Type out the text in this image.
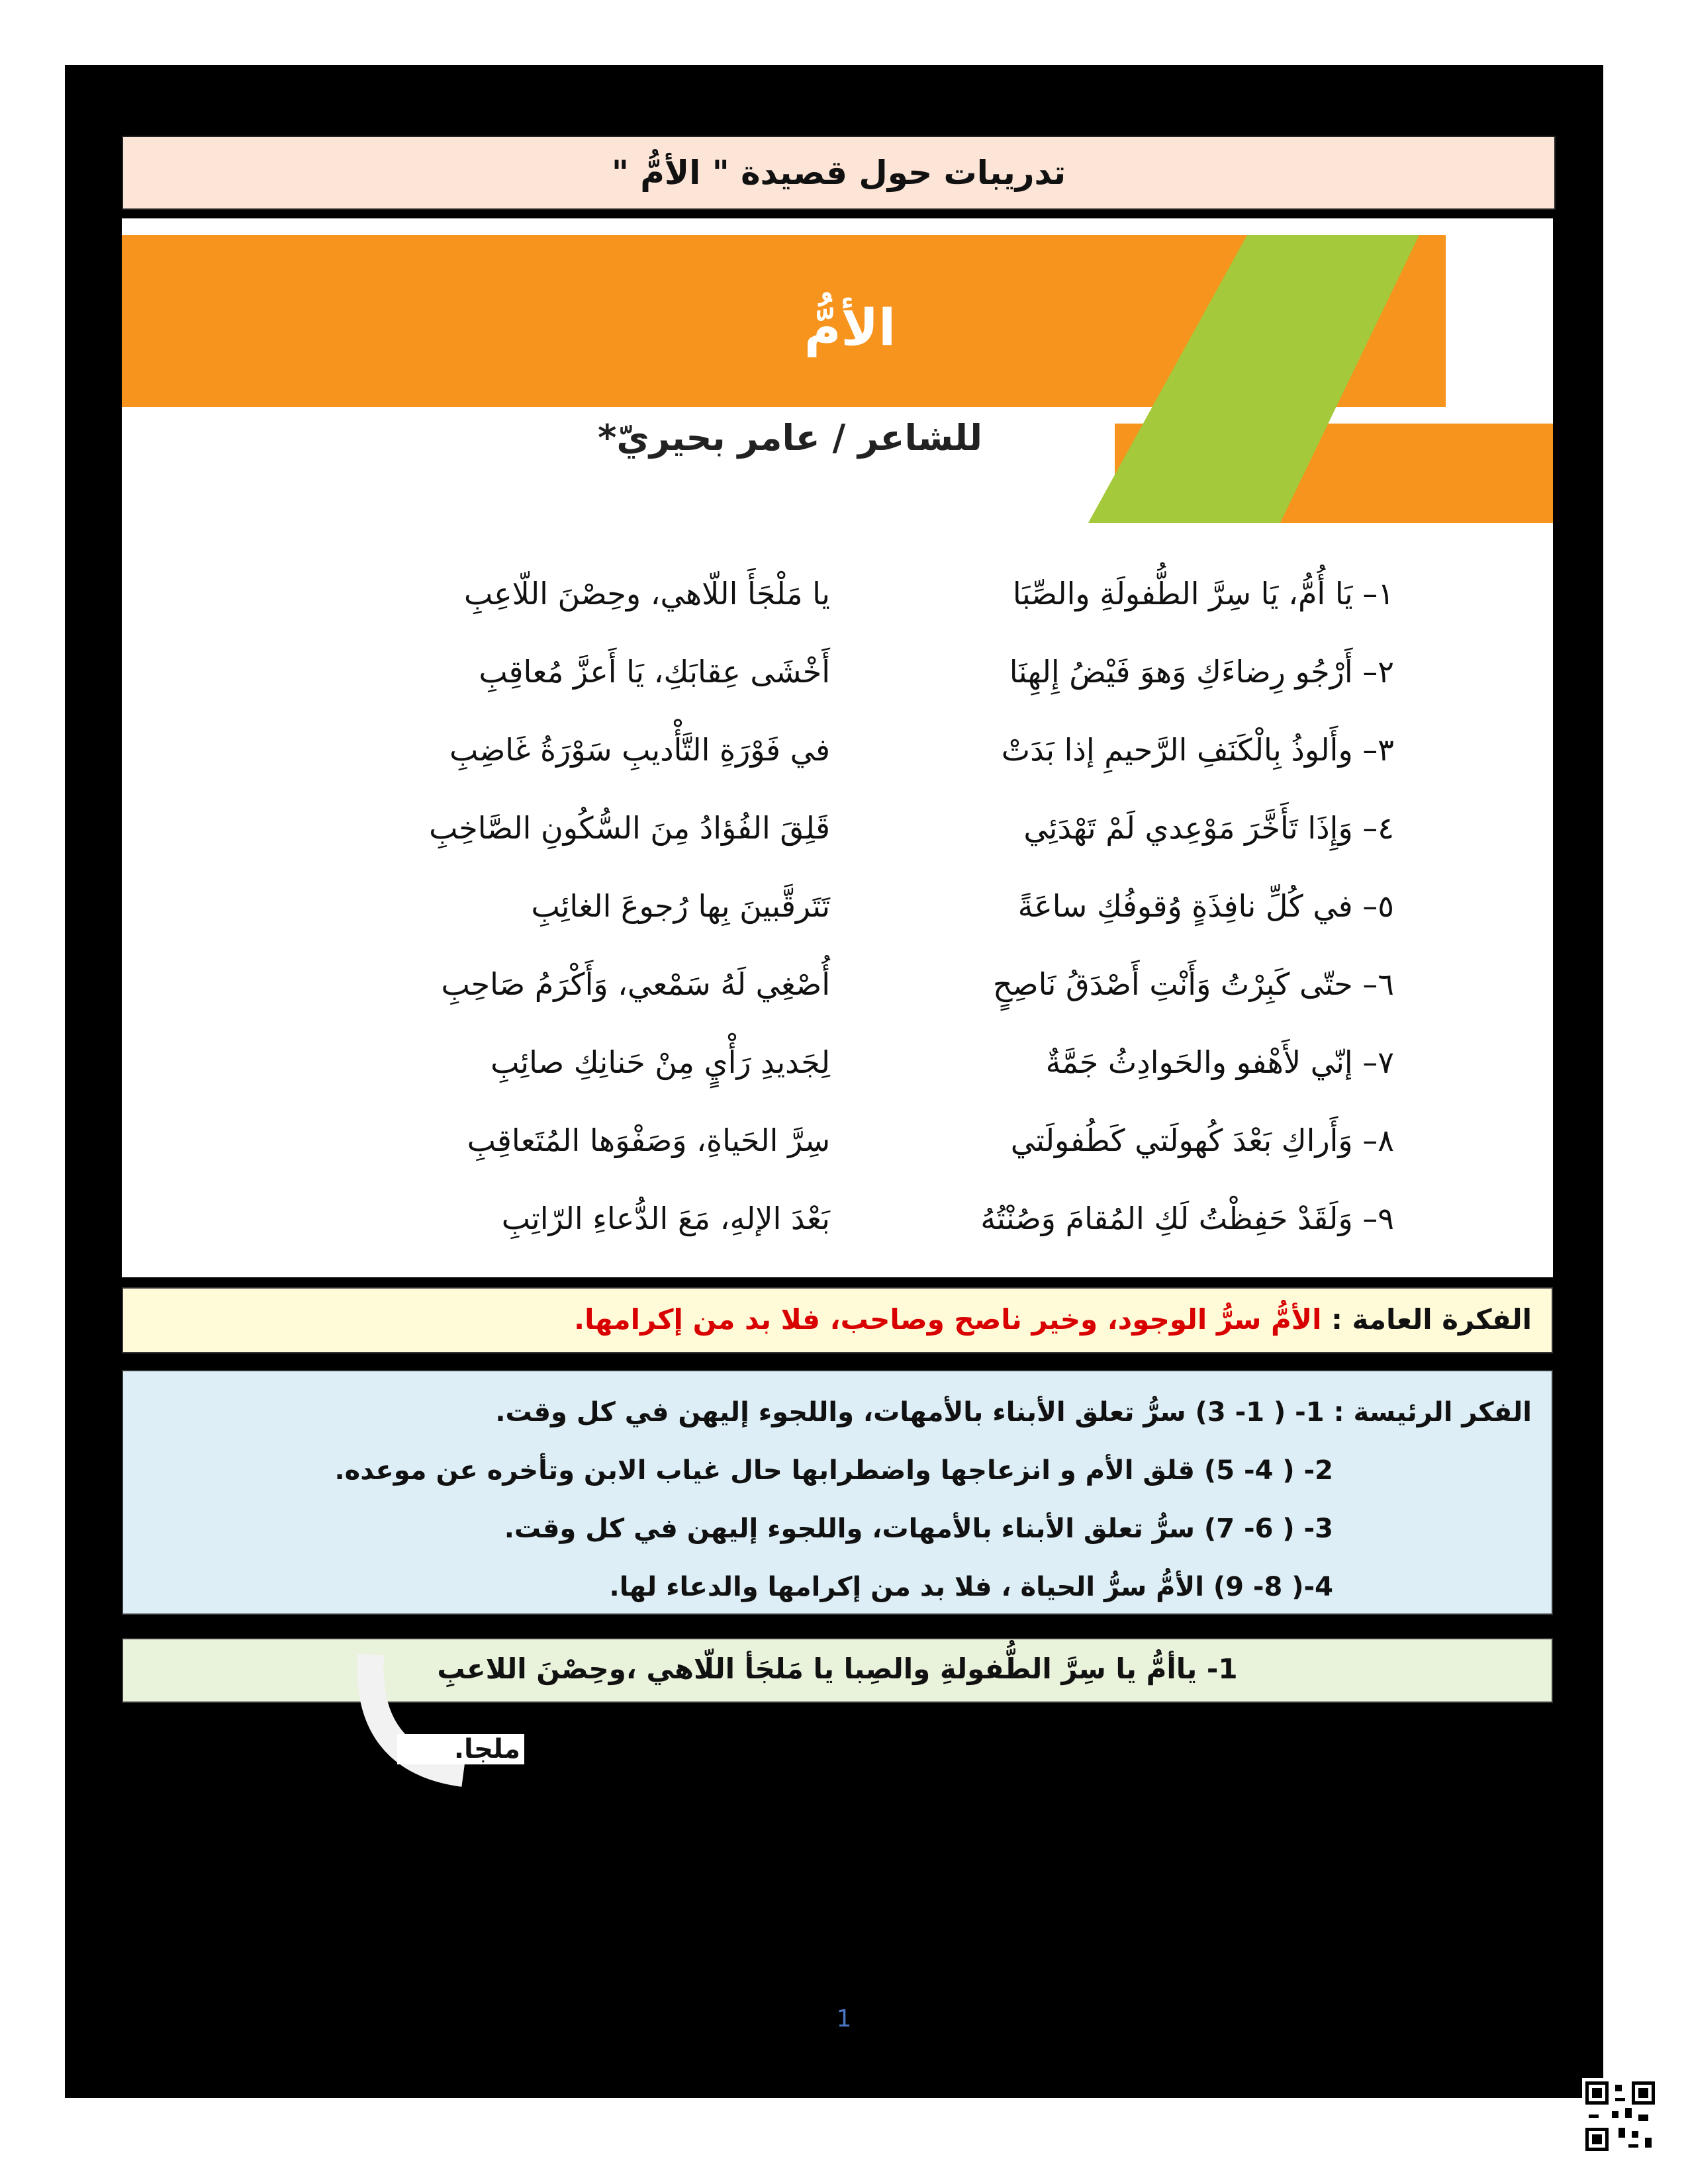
تدريبات حول قصيدة " الأمُّ "
الأمُّ
للشاعر / عامر بحيريّ*
١– يَا أُمُّ، يَا سِرَّ الطُّفولَةِ والصِّبَا
يا مَلْجَأَ اللّاهي، وحِصْنَ اللّاعِبِ
٢– أَرْجُو رِضاءَكِ وَهوَ فَيْضُ إِلهِنَا
أَخْشَى عِقابَكِ، يَا أَعزَّ مُعاقِبِ
٣– وأَلوذُ بِالْكَنَفِ الرَّحيمِ إذا بَدَتْ
في فَوْرَةِ التَّأْديبِ سَوْرَةُ غَاضِبِ
٤– وَإِذَا تَأَخَّرَ مَوْعِدي لَمْ تَهْدَئِي
قَلِقَ الفُؤادُ مِنَ السُّكُونِ الصَّاخِبِ
٥– في كُلِّ نافِذَةٍ وُقوفُكِ ساعَةً
تَتَرقَّبينَ بِها رُجوعَ الغائِبِ
٦– حتّى كَبِرْتُ وَأَنْتِ أَصْدَقُ نَاصِحٍ
أُصْغِي لَهُ سَمْعي، وَأَكْرَمُ صَاحِبِ
٧– إنّي لأَهْفو والحَوادِثُ جَمَّةٌ
لِجَديدِ رَأْيٍ مِنْ حَنانِكِ صائِبِ
٨– وَأَراكِ بَعْدَ كُهولَتي كَطُفولَتي
سِرَّ الحَياةِ، وَصَفْوَها المُتَعاقِبِ
٩– وَلَقَدْ حَفِظْتُ لَكِ المُقامَ وَصُنْتُهُ
بَعْدَ الإلهِ، مَعَ الدُّعاءِ الرّاتِبِ
الفكرة العامة : الأمُّ سرُّ الوجود، وخير ناصح وصاحب، فلا بد من إكرامها.
الفكر الرئيسة : 1- ( 1- 3) سرُّ تعلق الأبناء بالأمهات، واللجوء إليهن في كل وقت.
2- ( 4- 5) قلق الأم و انزعاجها واضطرابها حال غياب الابن وتأخره عن موعده.
3- ( 6- 7) سرُّ تعلق الأبناء بالأمهات، واللجوء إليهن في كل وقت.
4-( 8- 9) الأمُّ سرُّ الحياة ، فلا بد من إكرامها والدعاء لها.
1- ياأمُّ يا سِرَّ الطُّفولةِ والصِبا يا مَلجَأ اللّاهي ،وحِصْنَ اللاعبِ
ملجا.
1
